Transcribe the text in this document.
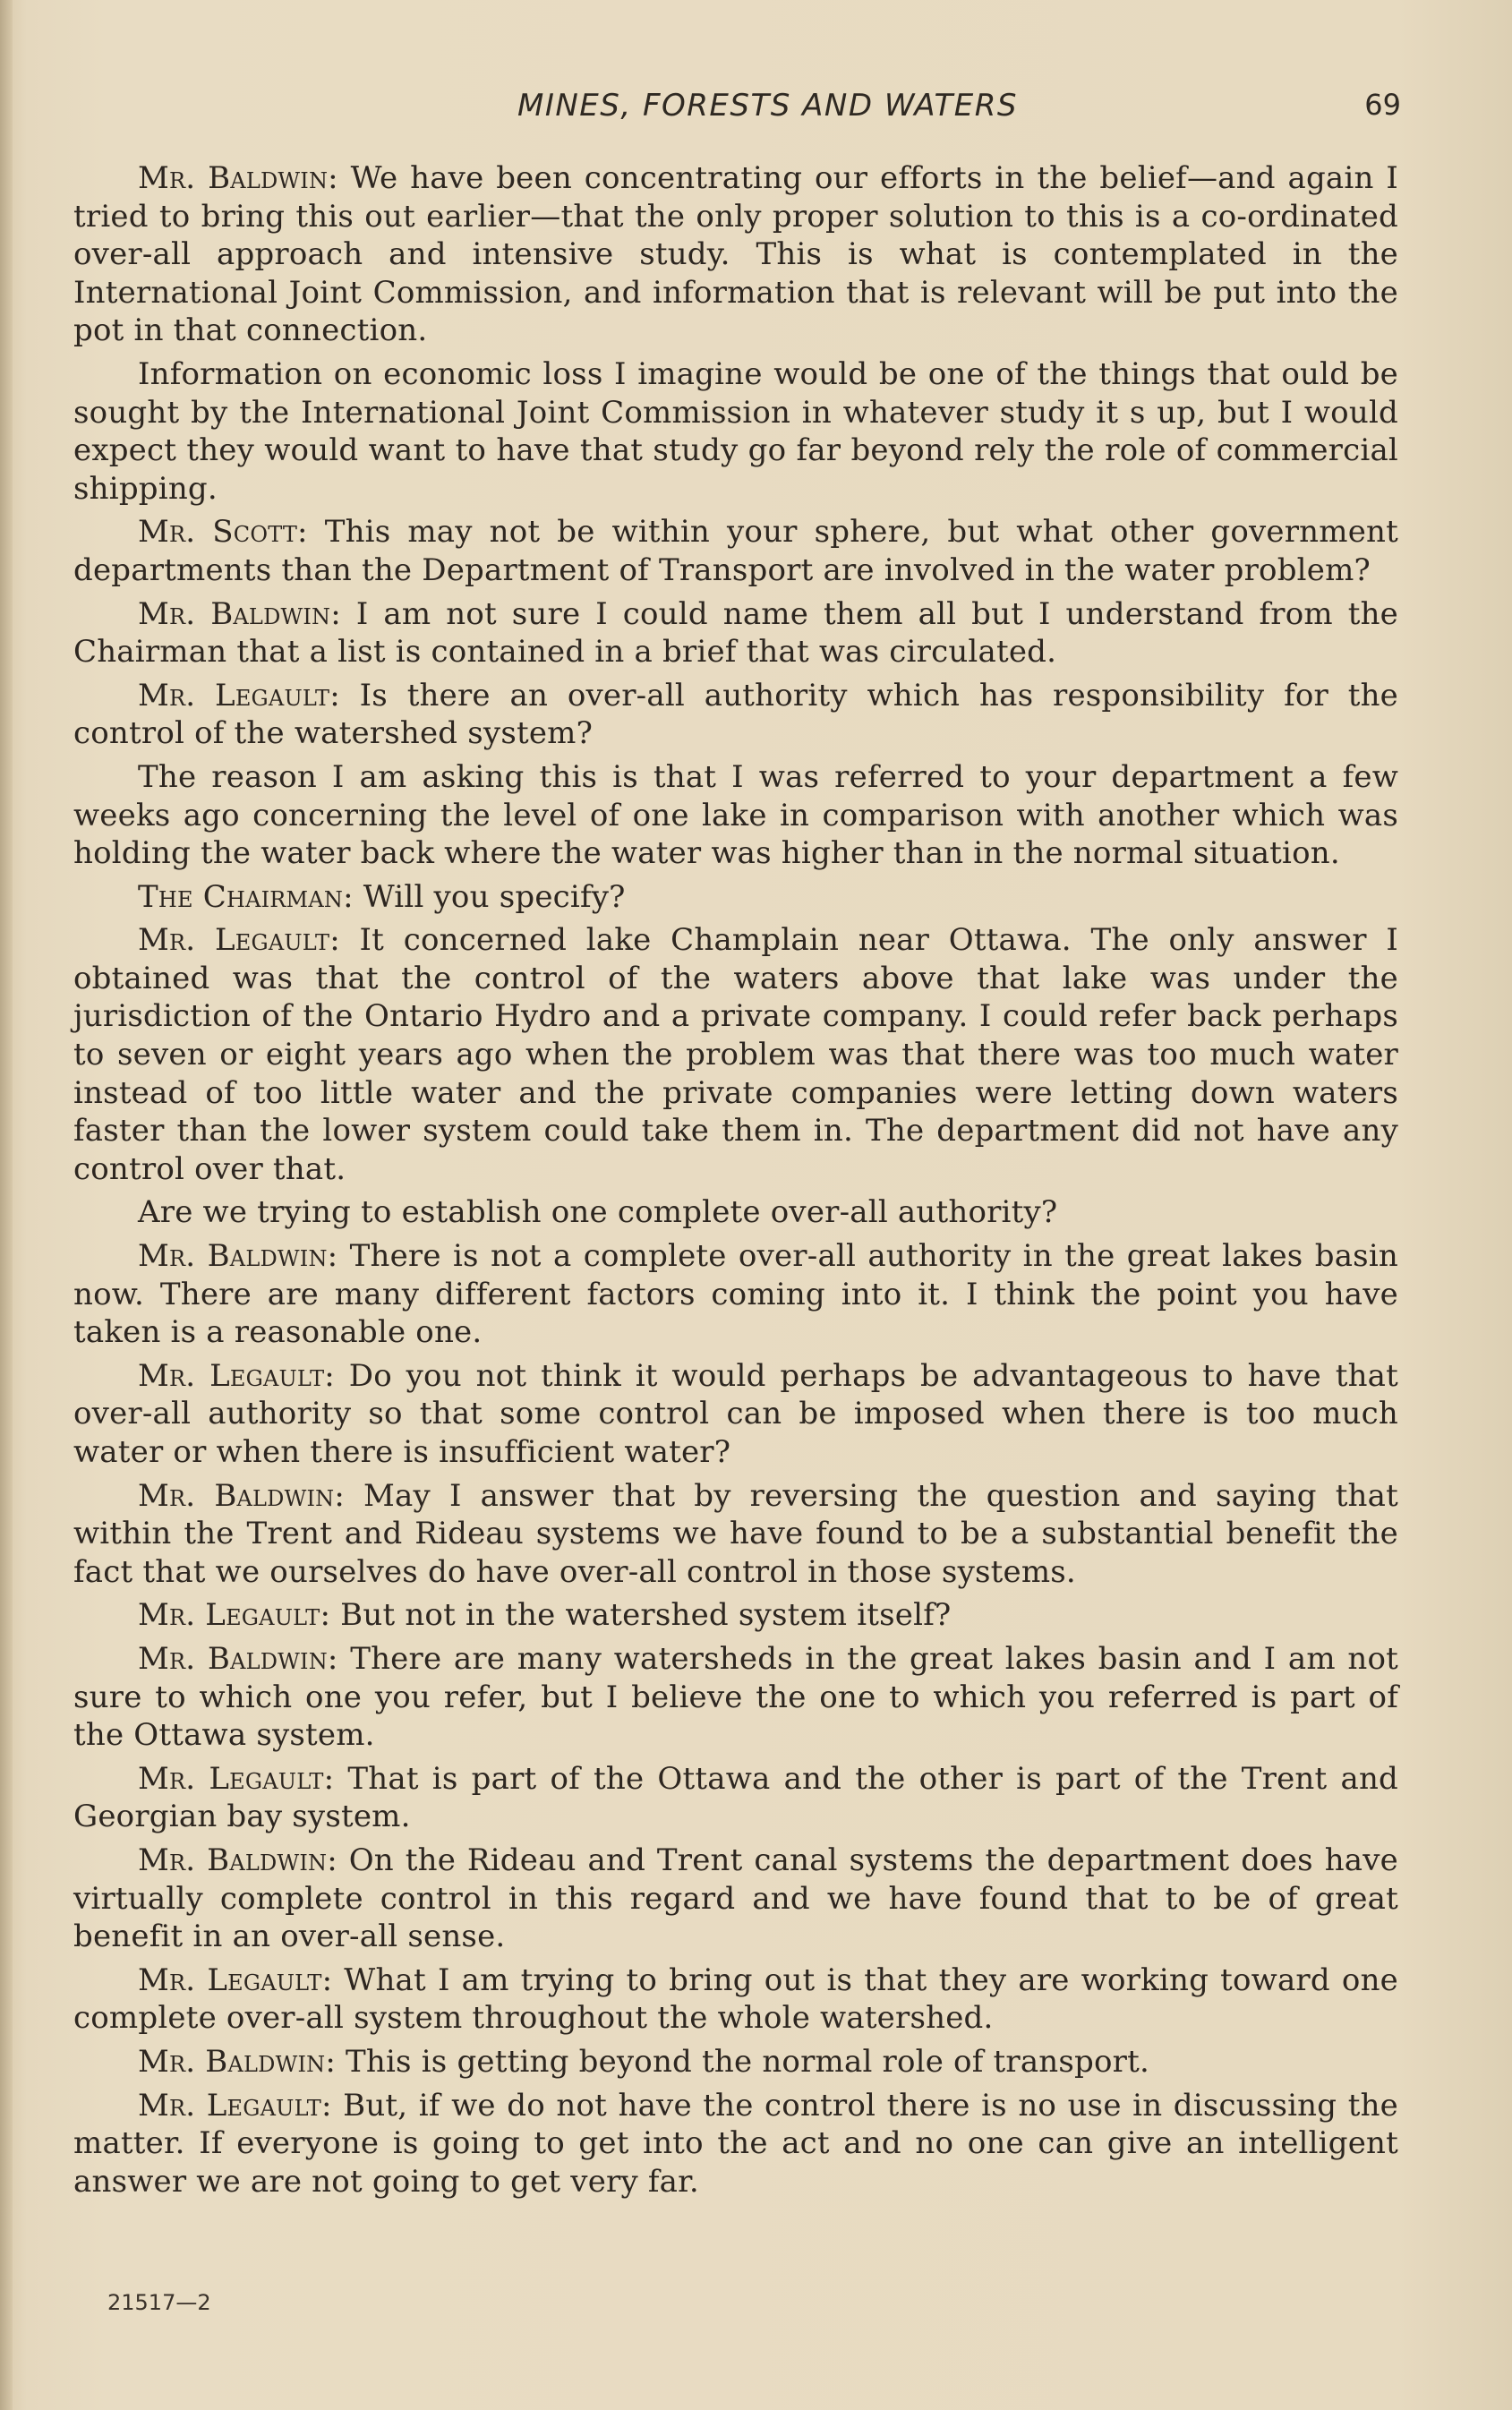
MINES, FORESTS AND WATERS	69

Mr. Baldwin: We have been concentrating our efforts in the belief—and again I tried to bring this out earlier—that the only proper solution to this is a co-ordinated over-all approach and intensive study. This is what is contemplated in the International Joint Commission, and information that is relevant will be put into the pot in that connection.

Information on economic loss I imagine would be one of the things that ould be sought by the International Joint Commission in whatever study it s up, but I would expect they would want to have that study go far beyond rely the role of commercial shipping.

Mr. Scott: This may not be within your sphere, but what other government departments than the Department of Transport are involved in the water problem?

Mr. Baldwin: I am not sure I could name them all but I understand from the Chairman that a list is contained in a brief that was circulated.

Mr. Legault: Is there an over-all authority which has responsibility for the control of the watershed system?

The reason I am asking this is that I was referred to your department a few weeks ago concerning the level of one lake in comparison with another which was holding the water back where the water was higher than in the normal situation.

The Chairman: Will you specify?

Mr. Legault: It concerned lake Champlain near Ottawa. The only answer I obtained was that the control of the waters above that lake was under the jurisdiction of the Ontario Hydro and a private company. I could refer back perhaps to seven or eight years ago when the problem was that there was too much water instead of too little water and the private companies were letting down waters faster than the lower system could take them in. The department did not have any control over that.

Are we trying to establish one complete over-all authority?

Mr. Baldwin: There is not a complete over-all authority in the great lakes basin now. There are many different factors coming into it. I think the point you have taken is a reasonable one.

Mr. Legault: Do you not think it would perhaps be advantageous to have that over-all authority so that some control can be imposed when there is too much water or when there is insufficient water?

Mr. Baldwin: May I answer that by reversing the question and saying that within the Trent and Rideau systems we have found to be a substantial benefit the fact that we ourselves do have over-all control in those systems.

Mr. Legault: But not in the watershed system itself?

Mr. Baldwin: There are many watersheds in the great lakes basin and I am not sure to which one you refer, but I believe the one to which you referred is part of the Ottawa system.

Mr. Legault: That is part of the Ottawa and the other is part of the Trent and Georgian bay system.

Mr. Baldwin: On the Rideau and Trent canal systems the department does have virtually complete control in this regard and we have found that to be of great benefit in an over-all sense.

Mr. Legault: What I am trying to bring out is that they are working toward one complete over-all system throughout the whole watershed.

Mr. Baldwin: This is getting beyond the normal role of transport.

Mr. Legault: But, if we do not have the control there is no use in discussing the matter. If everyone is going to get into the act and no one can give an intelligent answer we are not going to get very far.

21517—2
